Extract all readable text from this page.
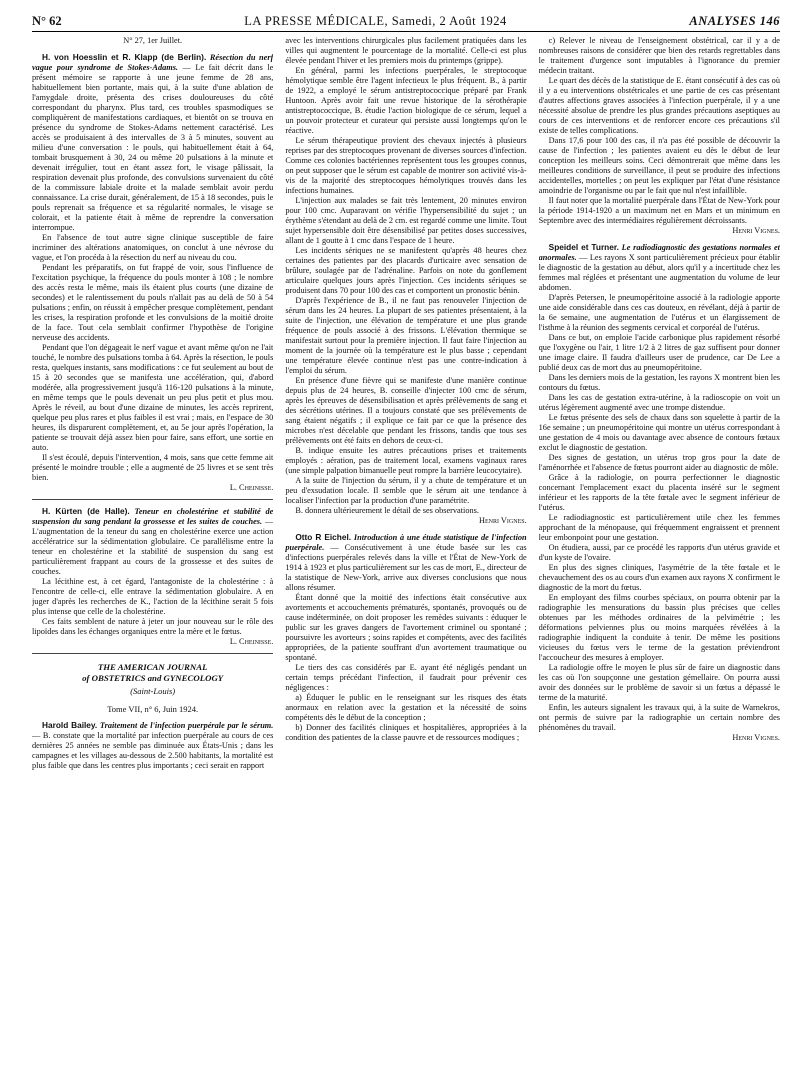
N° 62	LA PRESSE MÉDICALE, Samedi, 2 Août 1924	ANALYSES 146

N° 27, 1er Juillet.

H. von Hoesslin et R. Klapp (de Berlin). Résection du nerf vague pour syndrome de Stokes-Adams. — Le fait décrit dans le présent mémoire se rapporte à une jeune femme de 28 ans, habituellement bien portante, mais qui, à la suite d'une ablation de l'amygdale droite, présenta des crises douloureuses du côté correspondant du pharynx. Plus tard, ces troubles spasmodiques se compliquèrent de manifestations cardiaques, et bientôt on se trouva en présence du syndrome de Stokes-Adams nettement caractérisé. Les accès se produisaient à des intervalles de 3 à 5 minutes, souvent au milieu d'une conversation : le pouls, qui habituellement était à 64, tombait brusquement à 30, 24 ou même 20 pulsations à la minute et devenait irrégulier, tout en étant assez fort, le visage pâlissait, la respiration devenait plus profonde, des convulsions survenaient du côté de la commissure labiale droite et la malade semblait avoir perdu connaissance. La crise durait, généralement, de 15 à 18 secondes, puis le pouls reprenait sa fréquence et sa régularité normales, le visage se colorait, et la patiente était à même de reprendre la conversation interrompue.

En l'absence de tout autre signe clinique susceptible de faire incriminer des altérations anatomiques, on conclut à une névrose du vague, et l'on procéda à la résection du nerf au niveau du cou.

Pendant les préparatifs, on fut frappé de voir, sous l'influence de l'excitation psychique, la fréquence du pouls monter à 108 ; le nombre des accès resta le même, mais ils étaient plus courts (une dizaine de secondes) et le ralentissement du pouls n'allait pas au delà de 50 à 54 pulsations ; enfin, on réussit à empêcher presque complètement, pendant les crises, la respiration profonde et les convulsions de la moitié droite de la face. Tout cela semblait confirmer l'hypothèse de l'origine nerveuse des accidents.

Pendant que l'on dégageait le nerf vague et avant même qu'on ne l'ait touché, le nombre des pulsations tomba à 64. Après la résection, le pouls resta, quelques instants, sans modifications : ce fut seulement au bout de 15 à 20 secondes que se manifesta une accélération, qui, d'abord modérée, alla progressivement jusqu'à 116-120 pulsations à la minute, en même temps que le pouls devenait un peu plus petit et plus mou. Après le réveil, au bout d'une dizaine de minutes, les accès reprirent, quelque peu plus rares et plus faibles il est vrai ; mais, en l'espace de 30 heures, ils disparurent complètement, et, au 5e jour après l'opération, la patiente se trouvait déjà assez bien pour faire, sans effort, une sortie en auto.

Il s'est écoulé, depuis l'intervention, 4 mois, sans que cette femme ait présenté le moindre trouble ; elle a augmenté de 25 livres et se sent très bien.

L. Cheinisse.

H. Kürten (de Halle). Teneur en cholestérine et stabilité de suspension du sang pendant la grossesse et les suites de couches. — L'augmentation de la teneur du sang en cholestérine exerce une action accélératrice sur la sédimentation globulaire. Ce parallélisme entre la teneur en cholestérine et la stabilité de suspension du sang est particulièrement frappant au cours de la grossesse et des suites de couches.

La lécithine est, à cet égard, l'antagoniste de la cholestérine : à l'encontre de celle-ci, elle entrave la sédimentation globulaire. A en juger d'après les recherches de K., l'action de la lécithine serait 5 fois plus intense que celle de la cholestérine.

Ces faits semblent de nature à jeter un jour nouveau sur le rôle des lipoïdes dans les échanges organiques entre la mère et le fœtus.

L. Cheinisse.

THE AMERICAN JOURNAL
of OBSTETRICS and GYNECOLOGY
(Saint-Louis)
Tome VII, n° 6, Juin 1924.

Harold Bailey. Traitement de l'infection puerpérale par le sérum. — B. constate que la mortalité par infection puerpérale au cours de ces dernières 25 années ne semble pas diminuée aux États-Unis ; dans les campagnes et les villages au-dessous de 2.500 habitants, la mortalité est plus faible que dans les centres plus importants ; ceci serait en rapport

avec les interventions chirurgicales plus facilement pratiquées dans les villes qui augmentent le pourcentage de la mortalité. Celle-ci est plus élevée pendant l'hiver et les premiers mois du printemps (grippe).

En général, parmi les infections puerpérales, le streptocoque hémolytique semble être l'agent infectieux le plus fréquent. B., à partir de 1922, a employé le sérum antistreptococcique préparé par Frank Huntoon. Après avoir fait une revue historique de la sérothérapie antistreptococcique, B. étudie l'action biologique de ce sérum, lequel a un pouvoir protecteur et curateur qui persiste aussi longtemps qu'on le réactive.

Le sérum thérapeutique provient des chevaux injectés à plusieurs reprises par des streptocoques provenant de diverses sources d'infection. Comme ces colonies bactériennes représentent tous les groupes connus, on peut supposer que le sérum est capable de montrer son activité vis-à-vis de la majorité des streptocoques hémolytiques trouvés dans les infections humaines.

L'injection aux malades se fait très lentement, 20 minutes environ pour 100 cmc. Auparavant on vérifie l'hypersensibilité du sujet ; un érythème s'étendant au delà de 2 cm. est regardé comme une limite. Tout sujet hypersensible doit être désensibilisé par petites doses successives, allant de 1 goutte à 1 cmc dans l'espace de 1 heure.

Les incidents sériques ne se manifestent qu'après 48 heures chez certaines des patientes par des placards d'urticaire avec sensation de brûlure, soulagée par de l'adrénaline. Parfois on note du gonflement articulaire quelques jours après l'injection. Ces incidents sériques se produisent dans 70 pour 100 des cas et comportent un pronostic bénin.

D'après l'expérience de B., il ne faut pas renouveler l'injection de sérum dans les 24 heures. La plupart de ses patientes présentaient, à la suite de l'injection, une élévation de température et une plus grande fréquence de pouls associé à des frissons. L'élévation thermique se manifestait surtout pour la première injection. Il faut faire l'injection au moment de la journée où la température est le plus basse ; cependant une température élevée continue n'est pas une contre-indication à l'emploi du sérum.

En présence d'une fièvre qui se manifeste d'une manière continue depuis plus de 24 heures, B. conseille d'injecter 100 cmc de sérum, après les épreuves de désensibilisation et après prélèvements de sang et des sécrétions utérines. Il a toujours constaté que ses prélèvements de sang étaient négatifs ; il explique ce fait par ce que la présence des microbes n'est décelable que pendant les frissons, tandis que tous ses prélèvements ont été faits en dehors de ceux-ci.

B. indique ensuite les autres précautions prises et traitements employés : aération, pas de traitement local, examens vaginaux rares (une simple palpation bimanuelle peut rompre la barrière leucocytaire).

A la suite de l'injection du sérum, il y a chute de température et un peu d'exsudation locale. Il semble que le sérum ait une tendance à localiser l'infection par la production d'une paramétrite.

B. donnera ultérieurement le détail de ses observations.

Henri Vignes.

Otto R Eichel. Introduction à une étude statistique de l'infection puerpérale. — Consécutivement à une étude basée sur les cas d'infections puerpérales relevés dans la ville et l'État de New-York de 1914 à 1923 et plus particulièrement sur les cas de mort, E., directeur de la statistique de New-York, arrive aux diverses conclusions que nous allons résumer.

Étant donné que la moitié des infections était consécutive aux avortements et accouchements prématurés, spontanés, provoqués ou de cause indéterminée, on doit proposer les remèdes suivants : éduquer le public sur les graves dangers de l'avortement criminel ou spontané ; poursuivre les avorteurs ; soins rapides et compétents, avec des facilités appropriées, de la patiente souffrant d'un avortement traumatique ou spontané.

Le tiers des cas considérés par E. ayant été négligés pendant un certain temps précédant l'infection, il faudrait pour prévenir ces négligences :

a) Éduquer le public en le renseignant sur les risques des états anormaux en relation avec la gestation et la nécessité de soins compétents dès le début de la conception ;

b) Donner des facilités cliniques et hospitalières, appropriées à la condition des patientes de la classe pauvre et de ressources modiques ;

c) Relever le niveau de l'enseignement obstétrical, car il y a de nombreuses raisons de considérer que bien des retards regrettables dans le traitement d'urgence sont imputables à l'ignorance du premier médecin traitant.

Le quart des décès de la statistique de E. étant consécutif à des cas où il y a eu interventions obstétricales et une partie de ces cas présentant d'autres affections graves associées à l'infection puerpérale, il y a une nécessité absolue de prendre les plus grandes précautions aseptiques au cours de ces interventions et de renforcer encore ces précautions s'il existe de telles complications.

Dans 17,6 pour 100 des cas, il n'a pas été possible de découvrir la cause de l'infection ; les patientes avaient eu dès le début de leur conception les meilleurs soins. Ceci démontrerait que même dans les meilleures conditions de surveillance, il peut se produire des infections accidentelles, mortelles ; on peut les expliquer par l'état d'une résistance amoindrie de l'organisme ou par le fait que nul n'est infaillible.

Il faut noter que la mortalité puerpérale dans l'État de New-York pour la période 1914-1920 a un maximum net en Mars et un minimum en Septembre avec des intermédiaires régulièrement décroissants.

Henri Vignes.

Speidel et Turner. Le radiodiagnostic des gestations normales et anormales. — Les rayons X sont particulièrement précieux pour établir le diagnostic de la gestation au début, alors qu'il y a incertitude chez les femmes mal réglées et présentant une augmentation du volume de leur abdomen.

D'après Petersen, le pneumopéritoine associé à la radiologie apporte une aide considérable dans ces cas douteux, en révélant, déjà à partir de la 6e semaine, une augmentation de l'utérus et un élargissement de l'isthme à la réunion des segments cervical et corporéal de l'utérus.

Dans ce but, on emploie l'acide carbonique plus rapidement résorbé que l'oxygène ou l'air, 1 litre 1/2 à 2 litres de gaz suffisent pour donner une image claire. Il faudra d'ailleurs user de prudence, car De Lee a publié deux cas de mort dus au pneumopéritoine.

Dans les derniers mois de la gestation, les rayons X montrent bien les contours du fœtus.

Dans les cas de gestation extra-utérine, à la radioscopie on voit un utérus légèrement augmenté avec une trompe distendue.

Le fœtus présente des sels de chaux dans son squelette à partir de la 16e semaine ; un pneumopéritoine qui montre un utérus correspondant à une gestation de 4 mois ou davantage avec absence de contours fœtaux exclut le diagnostic de gestation.

Des signes de gestation, un utérus trop gros pour la date de l'aménorrhée et l'absence de fœtus pourront aider au diagnostic de môle.

Grâce à la radiologie, on pourra perfectionner le diagnostic concernant l'emplacement exact du placenta inséré sur le segment inférieur et les rapports de la tête fœtale avec le segment inférieur de l'utérus.

Le radiodiagnostic est particulièrement utile chez les femmes approchant de la ménopause, qui fréquemment engraissent et prennent leur embonpoint pour une gestation.

On étudiera, aussi, par ce procédé les rapports d'un utérus gravide et d'un kyste de l'ovaire.

En plus des signes cliniques, l'asymétrie de la tête fœtale et le chevauchement des os au cours d'un examen aux rayons X confirment le diagnostic de la mort du fœtus.

En employant des films courbes spéciaux, on pourra obtenir par la radiographie les mensurations du bassin plus précises que celles obtenues par les méthodes ordinaires de la pelvimétrie ; les déformations pelviennes plus ou moins marquées révélées à la radiographie indiquent la conduite à tenir. De même les positions vicieuses du fœtus vers le terme de la gestation préviendront l'accoucheur des mesures à employer.

La radiologie offre le moyen le plus sûr de faire un diagnostic dans les cas où l'on soupçonne une gestation gémellaire. On pourra aussi avoir des données sur le problème de savoir si un fœtus a dépassé le terme de la maturité.

Enfin, les auteurs signalent les travaux qui, à la suite de Warnekros, ont permis de suivre par la radiographie un certain nombre des phénomènes du travail.

Henri Vignes.
